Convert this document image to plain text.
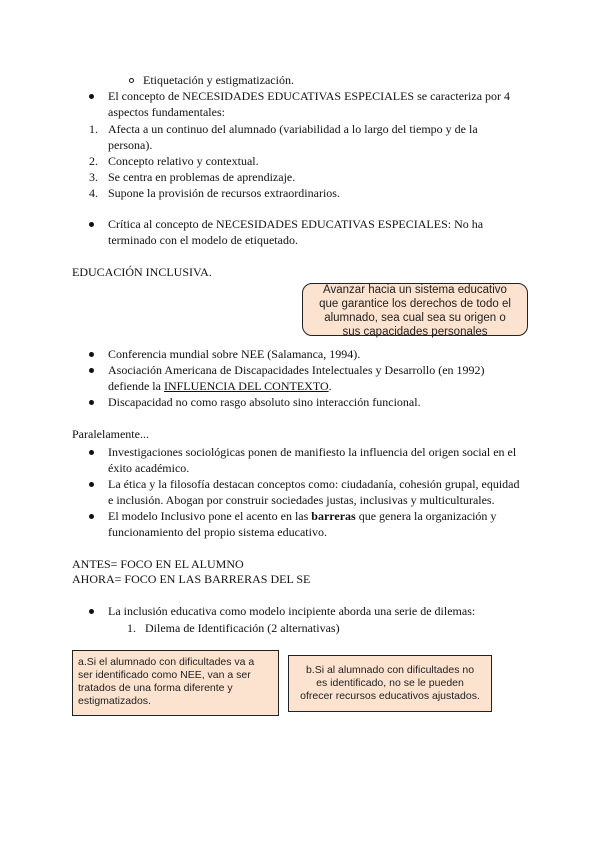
Etiquetación y estigmatización.
El concepto de NECESIDADES EDUCATIVAS ESPECIALES se caracteriza por 4
aspectos fundamentales:
1. Afecta a un continuo del alumnado (variabilidad a lo largo del tiempo y de la
persona).
2. Concepto relativo y contextual.
3. Se centra en problemas de aprendizaje.
4. Supone la provisión de recursos extraordinarios.
Crítica al concepto de NECESIDADES EDUCATIVAS ESPECIALES: No ha
terminado con el modelo de etiquetado.
EDUCACIÓN INCLUSIVA.
Avanzar hacia un sistema educativo
que garantice los derechos de todo el
alumnado, sea cual sea su origen o
sus capacidades personales
Conferencia mundial sobre NEE (Salamanca, 1994).
Asociación Americana de Discapacidades Intelectuales y Desarrollo (en 1992)
defiende la INFLUENCIA DEL CONTEXTO.
Discapacidad no como rasgo absoluto sino interacción funcional.
Paralelamente...
Investigaciones sociológicas ponen de manifiesto la influencia del origen social en el
éxito académico.
La ética y la filosofía destacan conceptos como: ciudadanía, cohesión grupal, equidad
e inclusión. Abogan por construir sociedades justas, inclusivas y multiculturales.
El modelo Inclusivo pone el acento en las barreras que genera la organización y
funcionamiento del propio sistema educativo.
ANTES= FOCO EN EL ALUMNO
AHORA= FOCO EN LAS BARRERAS DEL SE
La inclusión educativa como modelo incipiente aborda una serie de dilemas:
1. Dilema de Identificación (2 alternativas)
a.Si el alumnado con dificultades va a
ser identificado como NEE, van a ser
tratados de una forma diferente y
estigmatizados.
b.Si al alumnado con dificultades no
es identificado, no se le pueden
ofrecer recursos educativos ajustados.
